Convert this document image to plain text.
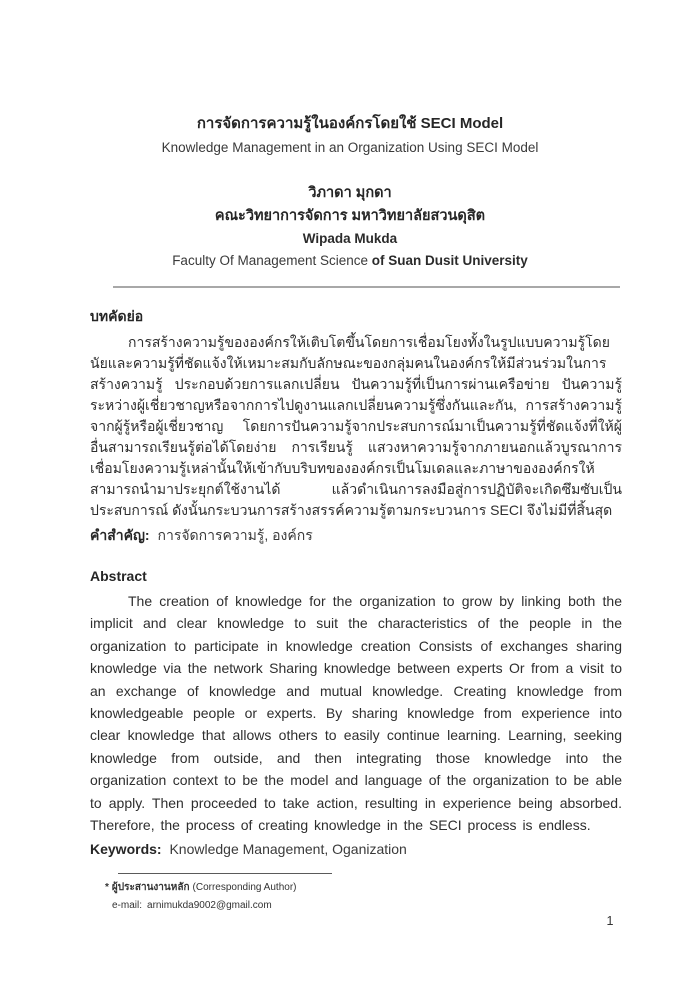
การจัดการความรู้ในองค์กรโดยใช้ SECI Model
Knowledge Management in an Organization Using SECI Model
วิภาดา มุกดา
คณะวิทยาการจัดการ มหาวิทยาลัยสวนดุสิต
Wipada Mukda
Faculty Of Management Science of Suan Dusit University
บทคัดย่อ
การสร้างความรู้ขององค์กรให้เติบโตขึ้นโดยการเชื่อมโยงทั้งในรูปแบบความรู้โดยนัยและความรู้ที่ชัดแจ้งให้เหมาะสมกับลักษณะของกลุ่มคนในองค์กรให้มีส่วนร่วมในการสร้างความรู้ ประกอบด้วยการแลกเปลี่ยน ปันความรู้ที่เป็นการผ่านเครือข่าย ปันความรู้ระหว่างผู้เชี่ยวชาญหรือจากการไปดูงานแลกเปลี่ยนความรู้ซึ่งกันและกัน, การสร้างความรู้จากผู้รู้หรือผู้เชี่ยวชาญ โดยการปันความรู้จากประสบการณ์มาเป็นความรู้ที่ชัดแจ้งที่ให้ผู้อื่นสามารถเรียนรู้ต่อได้โดยง่าย การเรียนรู้ แสวงหาความรู้จากภายนอกแล้วบูรณาการเชื่อมโยงความรู้เหล่านั้นให้เข้ากับบริบทขององค์กรเป็นโมเดลและภาษาขององค์กรให้สามารถนำมาประยุกต์ใช้งานได้ แล้วดำเนินการลงมือสู่การปฏิบัติจะเกิดซึมซับเป็นประสบการณ์ ดังนั้นกระบวนการสร้างสรรค์ความรู้ตามกระบวนการ SECI จึงไม่มีที่สิ้นสุด
คำสำคัญ: การจัดการความรู้, องค์กร
Abstract
The creation of knowledge for the organization to grow by linking both the implicit and clear knowledge to suit the characteristics of the people in the organization to participate in knowledge creation Consists of exchanges sharing knowledge via the network Sharing knowledge between experts Or from a visit to an exchange of knowledge and mutual knowledge. Creating knowledge from knowledgeable people or experts. By sharing knowledge from experience into clear knowledge that allows others to easily continue learning. Learning, seeking knowledge from outside, and then integrating those knowledge into the organization context to be the model and language of the organization to be able to apply. Then proceeded to take action, resulting in experience being absorbed. Therefore, the process of creating knowledge in the SECI process is endless.
Keywords: Knowledge Management, Oganization
* ผู้ประสานงานหลัก (Corresponding Author)
e-mail: arnimukda9002@gmail.com
1
